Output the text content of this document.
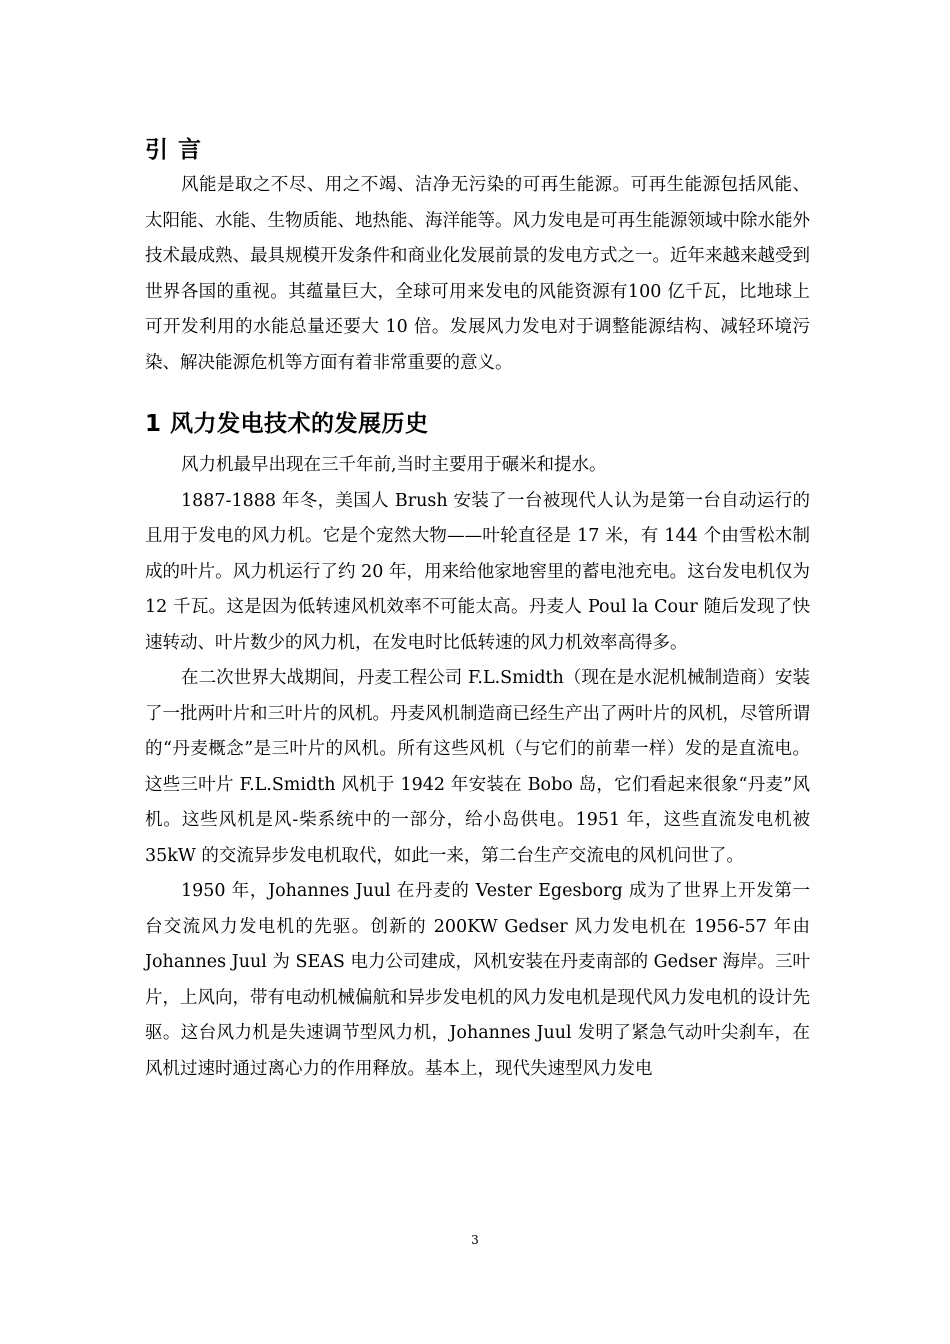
引言

风能是取之不尽、用之不竭、洁净无污染的可再生能源。可再生能源包括风能、太阳能、水能、生物质能、地热能、海洋能等。风力发电是可再生能源领域中除水能外技术最成熟、最具规模开发条件和商业化发展前景的发电方式之一。近年来越来越受到世界各国的重视。其蕴量巨大，全球可用来发电的风能资源有100 亿千瓦，比地球上可开发利用的水能总量还要大 10 倍。发展风力发电对于调整能源结构、减轻环境污染、解决能源危机等方面有着非常重要的意义。

1 风力发电技术的发展历史

风力机最早出现在三千年前,当时主要用于碾米和提水。

1887-1888 年冬，美国人 Brush 安装了一台被现代人认为是第一台自动运行的且用于发电的风力机。它是个宠然大物——叶轮直径是 17 米，有 144 个由雪松木制成的叶片。风力机运行了约 20 年，用来给他家地窖里的蓄电池充电。这台发电机仅为 12 千瓦。这是因为低转速风机效率不可能太高。丹麦人 Poul la Cour 随后发现了快速转动、叶片数少的风力机，在发电时比低转速的风力机效率高得多。

在二次世界大战期间，丹麦工程公司 F.L.Smidth（现在是水泥机械制造商）安装了一批两叶片和三叶片的风机。丹麦风机制造商已经生产出了两叶片的风机，尽管所谓的“丹麦概念”是三叶片的风机。所有这些风机（与它们的前辈一样）发的是直流电。这些三叶片 F.L.Smidth 风机于 1942 年安装在 Bobo 岛，它们看起来很象“丹麦”风机。这些风机是风-柴系统中的一部分，给小岛供电。1951 年，这些直流发电机被 35kW 的交流异步发电机取代，如此一来，第二台生产交流电的风机问世了。

1950 年，Johannes Juul 在丹麦的 Vester Egesborg 成为了世界上开发第一台交流风力发电机的先驱。创新的 200KW Gedser 风力发电机在 1956-57 年由 Johannes Juul 为 SEAS 电力公司建成，风机安装在丹麦南部的 Gedser 海岸。三叶片，上风向，带有电动机械偏航和异步发电机的风力发电机是现代风力发电机的设计先驱。这台风力机是失速调节型风力机，Johannes Juul 发明了紧急气动叶尖刹车，在风机过速时通过离心力的作用释放。基本上，现代失速型风力发电

3
